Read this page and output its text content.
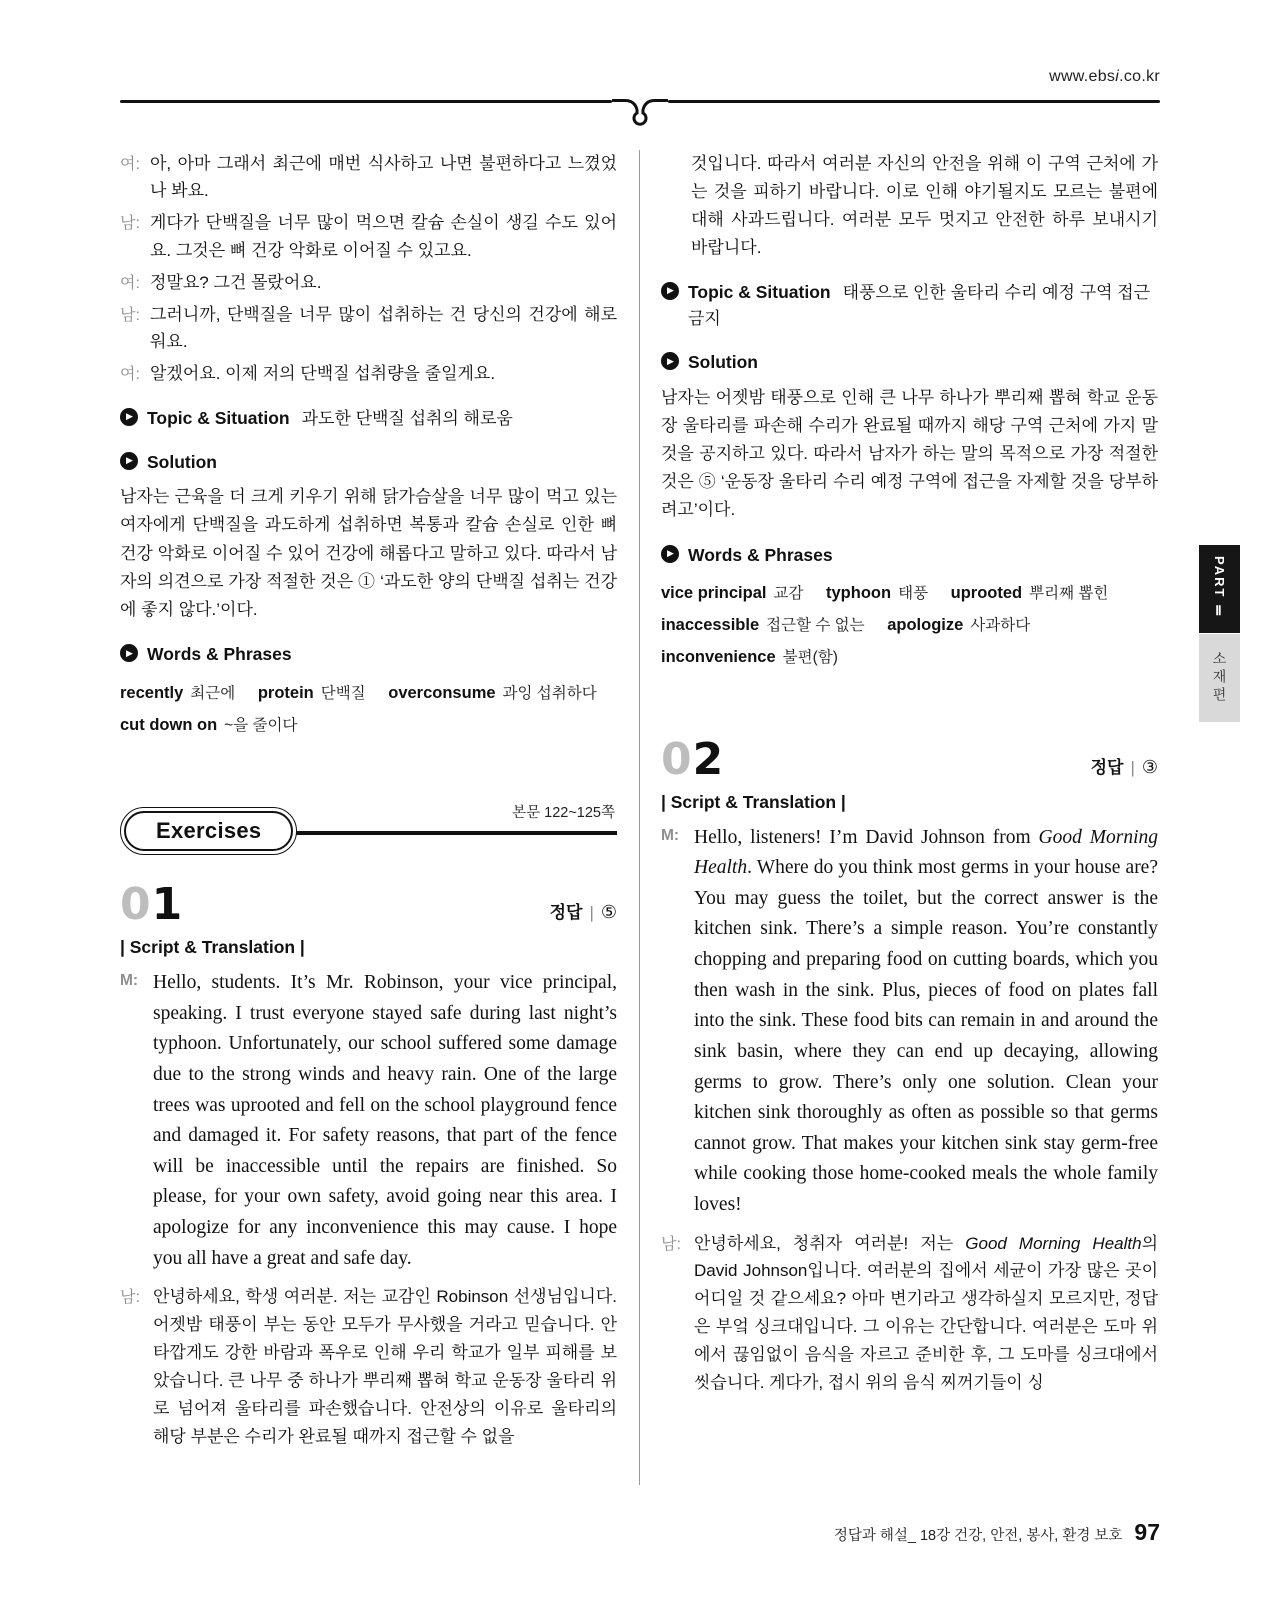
www.ebsi.co.kr
PART Ⅱ
소재편
여: 아, 아마 그래서 최근에 매번 식사하고 나면 불편하다고 느꼈었나 봐요.
남: 게다가 단백질을 너무 많이 먹으면 칼슘 손실이 생길 수도 있어요. 그것은 뼈 건강 악화로 이어질 수 있고요.
여: 정말요? 그건 몰랐어요.
남: 그러니까, 단백질을 너무 많이 섭취하는 건 당신의 건강에 해로워요.
여: 알겠어요. 이제 저의 단백질 섭취량을 줄일게요.
▶
Topic & Situation 과도한 단백질 섭취의 해로움
▶
Solution

남자는 근육을 더 크게 키우기 위해 닭가슴살을 너무 많이 먹고 있는 여자에게 단백질을 과도하게 섭취하면 복통과 칼슘 손실로 인한 뼈 건강 악화로 이어질 수 있어 건강에 해롭다고 말하고 있다. 따라서 남자의 의견으로 가장 적절한 것은 ① ‘과도한 양의 단백질 섭취는 건강에 좋지 않다.’이다.

▶
Words & Phrases
recently 최근에 protein 단백질 overconsume 과잉 섭취하다 cut down on ~을 줄이다
본문 122~125쪽
Exercises
01	정답 | ⑤
| Script & Translation |
M: Hello, students. It’s Mr. Robinson, your vice principal, speaking. I trust everyone stayed safe during last night’s typhoon. Unfortunately, our school suffered some damage due to the strong winds and heavy rain. One of the large trees was uprooted and fell on the school playground fence and damaged it. For safety reasons, that part of the fence will be inaccessible until the repairs are finished. So please, for your own safety, avoid going near this area. I apologize for any inconvenience this may cause. I hope you all have a great and safe day.
남: 안녕하세요, 학생 여러분. 저는 교감인 Robinson 선생님입니다. 어젯밤 태풍이 부는 동안 모두가 무사했을 거라고 믿습니다. 안타깝게도 강한 바람과 폭우로 인해 우리 학교가 일부 피해를 보았습니다. 큰 나무 중 하나가 뿌리째 뽑혀 학교 운동장 울타리 위로 넘어져 울타리를 파손했습니다. 안전상의 이유로 울타리의 해당 부분은 수리가 완료될 때까지 접근할 수 없을

것입니다. 따라서 여러분 자신의 안전을 위해 이 구역 근처에 가는 것을 피하기 바랍니다. 이로 인해 야기될지도 모르는 불편에 대해 사과드립니다. 여러분 모두 멋지고 안전한 하루 보내시기 바랍니다.

▶
Topic & Situation 태풍으로 인한 울타리 수리 예정 구역 접근 금지
▶
Solution

남자는 어젯밤 태풍으로 인해 큰 나무 하나가 뿌리째 뽑혀 학교 운동장 울타리를 파손해 수리가 완료될 때까지 해당 구역 근처에 가지 말 것을 공지하고 있다. 따라서 남자가 하는 말의 목적으로 가장 적절한 것은 ⑤ ‘운동장 울타리 수리 예정 구역에 접근을 자제할 것을 당부하려고’이다.

▶
Words & Phrases
vice principal 교감 typhoon 태풍 uprooted 뿌리째 뽑힌 inaccessible 접근할 수 없는 apologize 사과하다 inconvenience 불편(함)
02	정답 | ③
| Script & Translation |
M: Hello, listeners! I’m David Johnson from Good Morning Health. Where do you think most germs in your house are? You may guess the toilet, but the correct answer is the kitchen sink. There’s a simple reason. You’re constantly chopping and preparing food on cutting boards, which you then wash in the sink. Plus, pieces of food on plates fall into the sink. These food bits can remain in and around the sink basin, where they can end up decaying, allowing germs to grow. There’s only one solution. Clean your kitchen sink thoroughly as often as possible so that germs cannot grow. That makes your kitchen sink stay germ-free while cooking those home-cooked meals the whole family loves!
남: 안녕하세요, 청취자 여러분! 저는 Good Morning Health의 David Johnson입니다. 여러분의 집에서 세균이 가장 많은 곳이 어디일 것 같으세요? 아마 변기라고 생각하실지 모르지만, 정답은 부엌 싱크대입니다. 그 이유는 간단합니다. 여러분은 도마 위에서 끊임없이 음식을 자르고 준비한 후, 그 도마를 싱크대에서 씻습니다. 게다가, 접시 위의 음식 찌꺼기들이 싱
정답과 해설_ 18강 건강, 안전, 봉사, 환경 보호 97
